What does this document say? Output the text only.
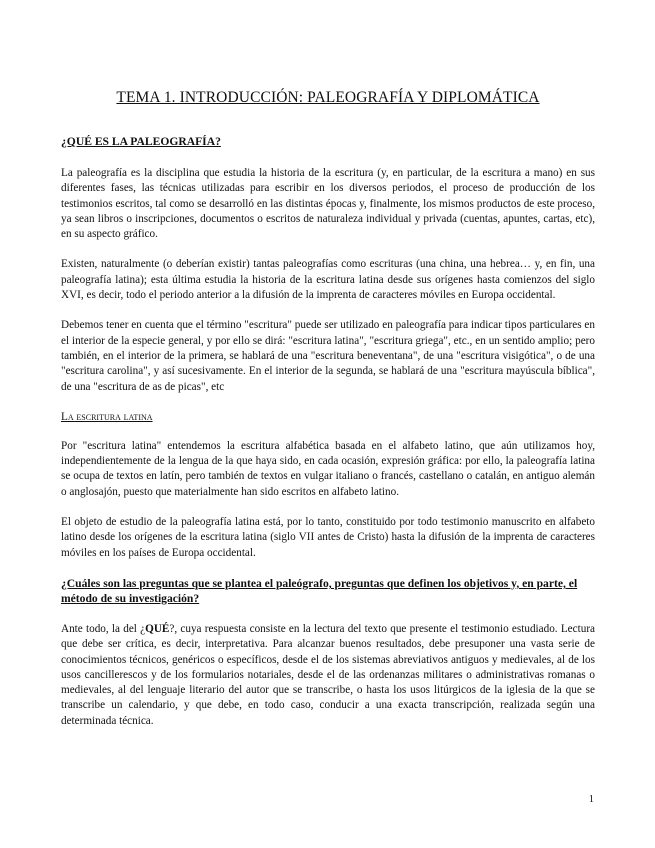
TEMA 1. INTRODUCCIÓN: PALEOGRAFÍA Y DIPLOMÁTICA
¿QUÉ ES LA PALEOGRAFÍA?

La paleografía es la disciplina que estudia la historia de la escritura (y, en particular, de la escritura a mano) en sus diferentes fases, las técnicas utilizadas para escribir en los diversos periodos, el proceso de producción de los testimonios escritos, tal como se desarrolló en las distintas épocas y, finalmente, los mismos productos de este proceso, ya sean libros o inscripciones, documentos o escritos de naturaleza individual y privada (cuentas, apuntes, cartas, etc), en su aspecto gráfico.

Existen, naturalmente (o deberían existir) tantas paleografías como escrituras (una china, una hebrea… y, en fin, una paleografía latina); esta última estudia la historia de la escritura latina desde sus orígenes hasta comienzos del siglo XVI, es decir, todo el periodo anterior a la difusión de la imprenta de caracteres móviles en Europa occidental.

Debemos tener en cuenta que el término "escritura" puede ser utilizado en paleografía para indicar tipos particulares en el interior de la especie general, y por ello se dirá: "escritura latina", "escritura griega", etc., en un sentido amplio; pero también, en el interior de la primera, se hablará de una "escritura beneventana", de una "escritura visigótica", o de una "escritura carolina", y así sucesivamente. En el interior de la segunda, se hablará de una "escritura mayúscula bíblica", de una "escritura de as de picas", etc

La escritura latina

Por "escritura latina" entendemos la escritura alfabética basada en el alfabeto latino, que aún utilizamos hoy, independientemente de la lengua de la que haya sido, en cada ocasión, expresión gráfica: por ello, la paleografía latina se ocupa de textos en latín, pero también de textos en vulgar italiano o francés, castellano o catalán, en antiguo alemán o anglosajón, puesto que materialmente han sido escritos en alfabeto latino.

El objeto de estudio de la paleografía latina está, por lo tanto, constituido por todo testimonio manuscrito en alfabeto latino desde los orígenes de la escritura latina (siglo VII antes de Cristo) hasta la difusión de la imprenta de caracteres móviles en los países de Europa occidental.

¿Cuáles son las preguntas que se plantea el paleógrafo, preguntas que definen los objetivos y, en parte, el método de su investigación?

Ante todo, la del ¿QUÉ?, cuya respuesta consiste en la lectura del texto que presente el testimonio estudiado. Lectura que debe ser crítica, es decir, interpretativa. Para alcanzar buenos resultados, debe presuponer una vasta serie de conocimientos técnicos, genéricos o específicos, desde el de los sistemas abreviativos antiguos y medievales, al de los usos cancillerescos y de los formularios notariales, desde el de las ordenanzas militares o administrativas romanas o medievales, al del lenguaje literario del autor que se transcribe, o hasta los usos litúrgicos de la iglesia de la que se transcribe un calendario, y que debe, en todo caso, conducir a una exacta transcripción, realizada según una determinada técnica.

1
